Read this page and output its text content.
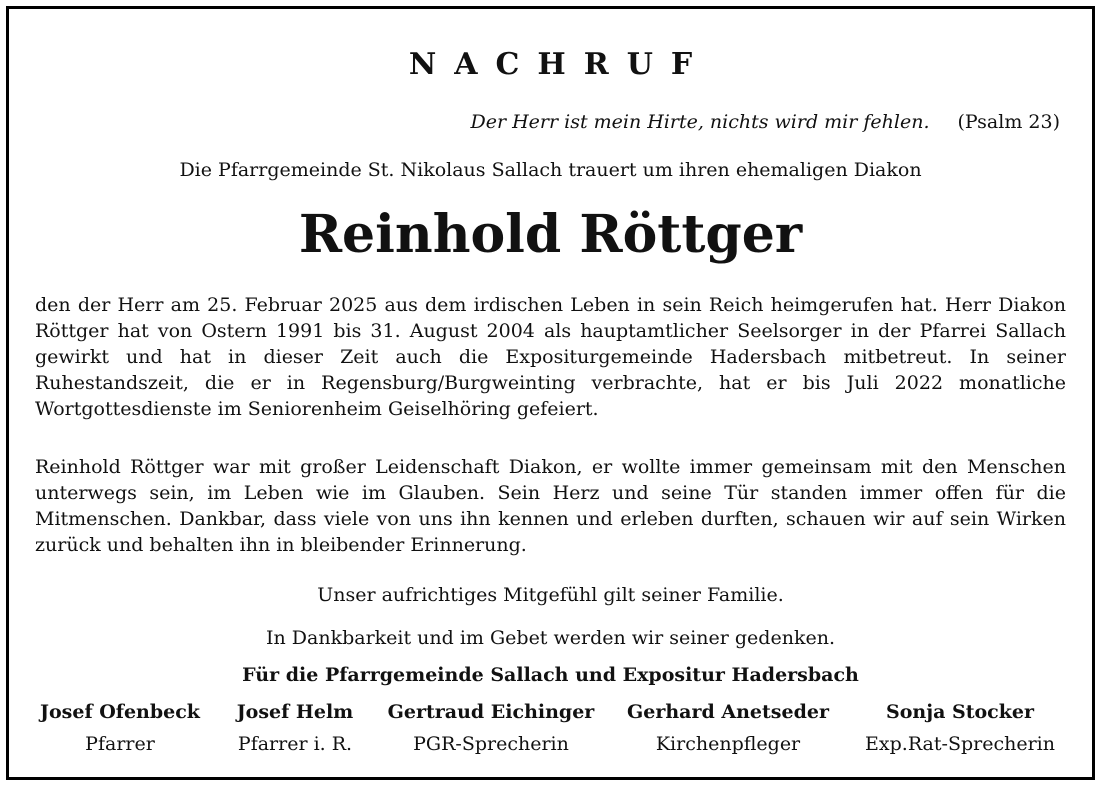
NACHRUF
Der Herr ist mein Hirte, nichts wird mir fehlen. (Psalm 23)
Die Pfarrgemeinde St. Nikolaus Sallach trauert um ihren ehemaligen Diakon
Reinhold Röttger
den der Herr am 25. Februar 2025 aus dem irdischen Leben in sein Reich heimgerufen hat. Herr Diakon Röttger hat von Ostern 1991 bis 31. August 2004 als hauptamtlicher Seelsorger in der Pfarrei Sallach gewirkt und hat in dieser Zeit auch die Expositurgemeinde Hadersbach mitbetreut. In seiner Ruhestandszeit, die er in Regensburg/Burgweinting verbrachte, hat er bis Juli 2022 monatliche Wortgottesdienste im Seniorenheim Geiselhöring gefeiert.
Reinhold Röttger war mit großer Leidenschaft Diakon, er wollte immer gemeinsam mit den Menschen unterwegs sein, im Leben wie im Glauben. Sein Herz und seine Tür standen immer offen für die Mitmenschen. Dankbar, dass viele von uns ihn kennen und erleben durften, schauen wir auf sein Wirken zurück und behalten ihn in bleibender Erinnerung.
Unser aufrichtiges Mitgefühl gilt seiner Familie.
In Dankbarkeit und im Gebet werden wir seiner gedenken.
Für die Pfarrgemeinde Sallach und Expositur Hadersbach
Josef Ofenbeck
Pfarrer
Josef Helm
Pfarrer i. R.
Gertraud Eichinger
PGR-Sprecherin
Gerhard Anetseder
Kirchenpfleger
Sonja Stocker
Exp.Rat-Sprecherin
